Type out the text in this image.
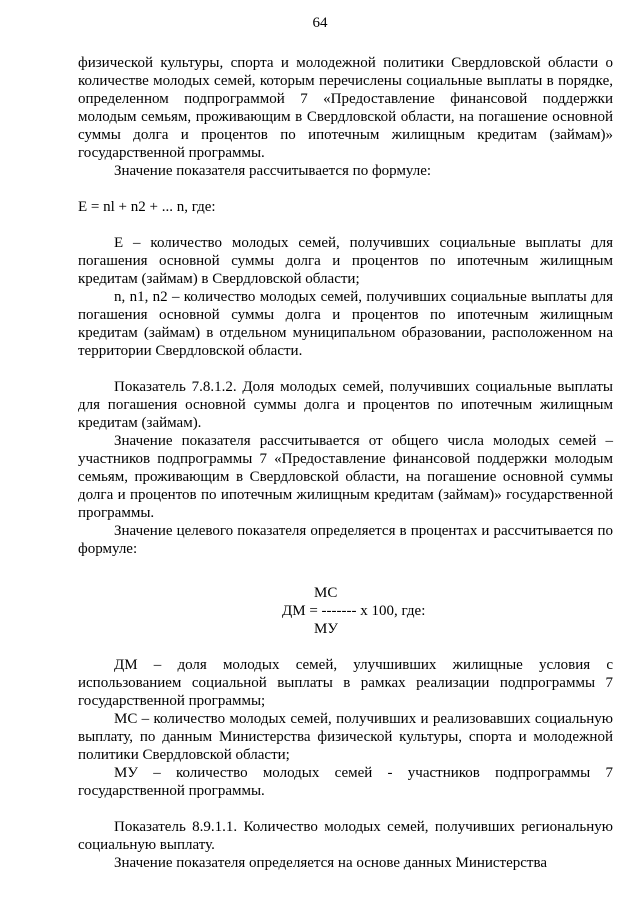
64

физической культуры, спорта и молодежной политики Свердловской области о количестве молодых семей, которым перечислены социальные выплаты в порядке, определенном подпрограммой 7 «Предоставление финансовой поддержки молодым семьям, проживающим в Свердловской области, на погашение основной суммы долга и процентов по ипотечным жилищным кредитам (займам)» государственной программы.

Значение показателя рассчитывается по формуле:

E = nl + n2 + ... n, где:

E – количество молодых семей, получивших социальные выплаты для погашения основной суммы долга и процентов по ипотечным жилищным кредитам (займам) в Свердловской области;

n, n1, n2 – количество молодых семей, получивших социальные выплаты для погашения основной суммы долга и процентов по ипотечным жилищным кредитам (займам) в отдельном муниципальном образовании, расположенном на территории Свердловской области.

Показатель 7.8.1.2. Доля молодых семей, получивших социальные выплаты для погашения основной суммы долга и процентов по ипотечным жилищным кредитам (займам).

Значение показателя рассчитывается от общего числа молодых семей – участников подпрограммы 7 «Предоставление финансовой поддержки молодым семьям, проживающим в Свердловской области, на погашение основной суммы долга и процентов по ипотечным жилищным кредитам (займам)» государственной программы.

Значение целевого показателя определяется в процентах и рассчитывается по формуле:

МС
ДМ = ------- x 100, где:
МУ

ДМ – доля молодых семей, улучшивших жилищные условия с использованием социальной выплаты в рамках реализации подпрограммы 7 государственной программы;

МС – количество молодых семей, получивших и реализовавших социальную выплату, по данным Министерства физической культуры, спорта и молодежной политики Свердловской области;

МУ – количество молодых семей - участников подпрограммы 7 государственной программы.

Показатель 8.9.1.1. Количество молодых семей, получивших региональную социальную выплату.

Значение показателя определяется на основе данных Министерства
